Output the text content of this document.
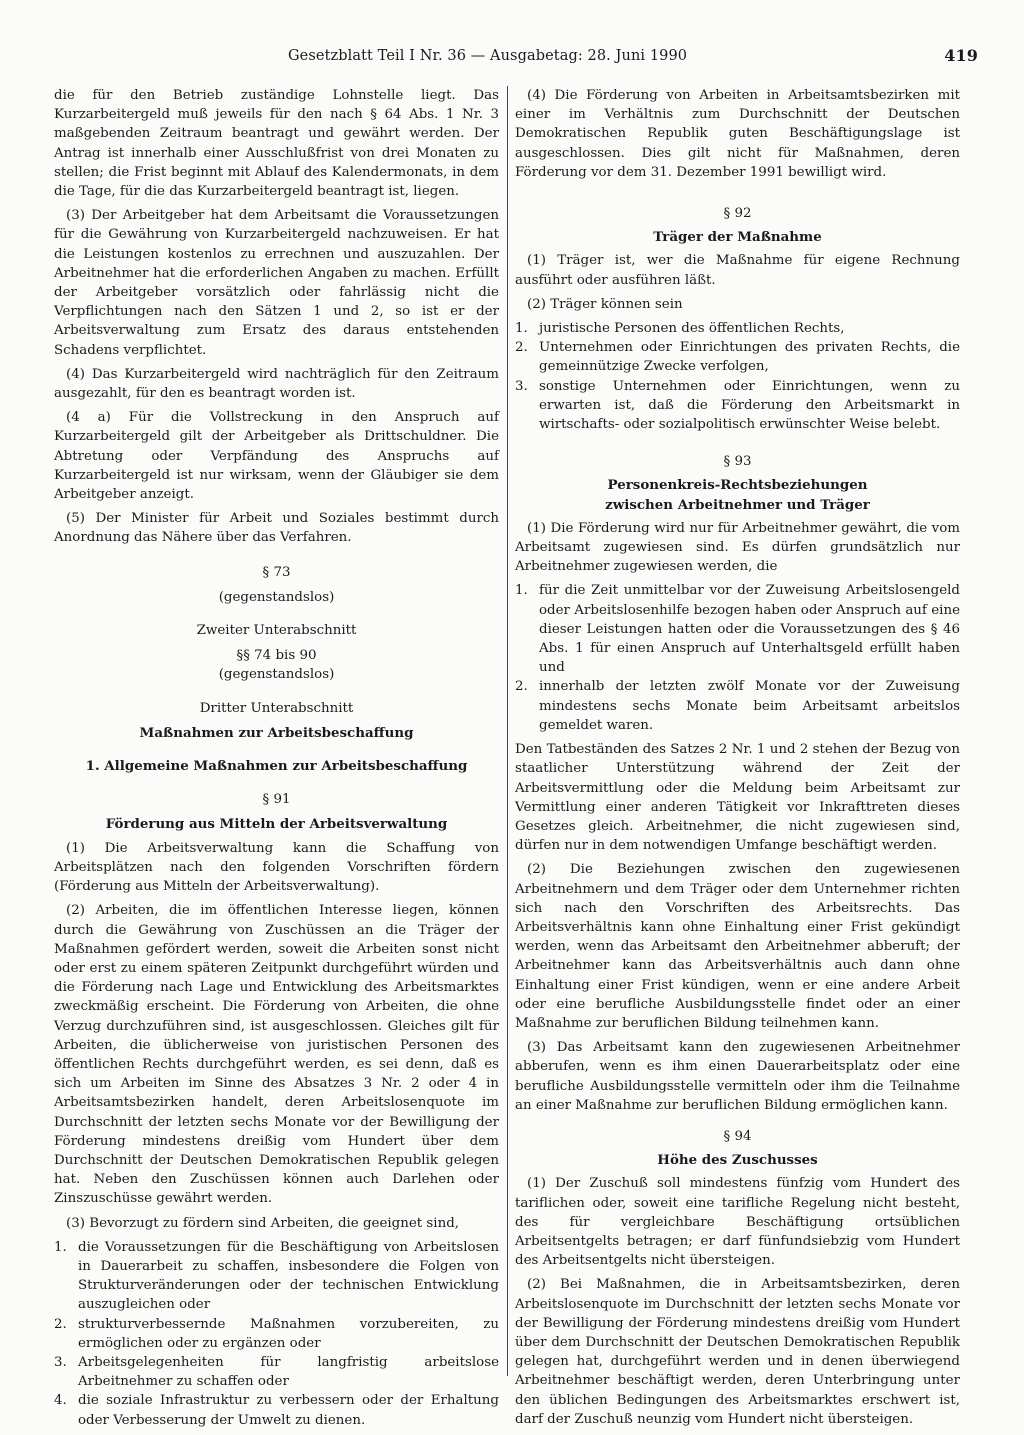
Gesetzblatt Teil I Nr. 36 — Ausgabetag: 28. Juni 1990	419

die für den Betrieb zuständige Lohnstelle liegt. Das Kurzarbeitergeld muß jeweils für den nach § 64 Abs. 1 Nr. 3 maßgebenden Zeitraum beantragt und gewährt werden. Der Antrag ist innerhalb einer Ausschlußfrist von drei Monaten zu stellen; die Frist beginnt mit Ablauf des Kalendermonats, in dem die Tage, für die das Kurzarbeitergeld beantragt ist, liegen.

(3) Der Arbeitgeber hat dem Arbeitsamt die Voraussetzungen für die Gewährung von Kurzarbeitergeld nachzuweisen. Er hat die Leistungen kostenlos zu errechnen und auszuzahlen. Der Arbeitnehmer hat die erforderlichen Angaben zu machen. Erfüllt der Arbeitgeber vorsätzlich oder fahrlässig nicht die Verpflichtungen nach den Sätzen 1 und 2, so ist er der Arbeitsverwaltung zum Ersatz des daraus entstehenden Schadens verpflichtet.

(4) Das Kurzarbeitergeld wird nachträglich für den Zeitraum ausgezahlt, für den es beantragt worden ist.

(4 a) Für die Vollstreckung in den Anspruch auf Kurzarbeitergeld gilt der Arbeitgeber als Drittschuldner. Die Abtretung oder Verpfändung des Anspruchs auf Kurzarbeitergeld ist nur wirksam, wenn der Gläubiger sie dem Arbeitgeber anzeigt.

(5) Der Minister für Arbeit und Soziales bestimmt durch Anordnung das Nähere über das Verfahren.

§ 73
(gegenstandslos)
Zweiter Unterabschnitt
§§ 74 bis 90
(gegenstandslos)
Dritter Unterabschnitt
Maßnahmen zur Arbeitsbeschaffung
1. Allgemeine Maßnahmen zur Arbeitsbeschaffung
§ 91
Förderung aus Mitteln der Arbeitsverwaltung

(1) Die Arbeitsverwaltung kann die Schaffung von Arbeitsplätzen nach den folgenden Vorschriften fördern (Förderung aus Mitteln der Arbeitsverwaltung).

(2) Arbeiten, die im öffentlichen Interesse liegen, können durch die Gewährung von Zuschüssen an die Träger der Maßnahmen gefördert werden, soweit die Arbeiten sonst nicht oder erst zu einem späteren Zeitpunkt durchgeführt würden und die Förderung nach Lage und Entwicklung des Arbeitsmarktes zweckmäßig erscheint. Die Förderung von Arbeiten, die ohne Verzug durchzuführen sind, ist ausgeschlossen. Gleiches gilt für Arbeiten, die üblicherweise von juristischen Personen des öffentlichen Rechts durchgeführt werden, es sei denn, daß es sich um Arbeiten im Sinne des Absatzes 3 Nr. 2 oder 4 in Arbeitsamtsbezirken handelt, deren Arbeitslosenquote im Durchschnitt der letzten sechs Monate vor der Bewilligung der Förderung mindestens dreißig vom Hundert über dem Durchschnitt der Deutschen Demokratischen Republik gelegen hat. Neben den Zuschüssen können auch Darlehen oder Zinszuschüsse gewährt werden.

(3) Bevorzugt zu fördern sind Arbeiten, die geeignet sind,

1. die Voraussetzungen für die Beschäftigung von Arbeitslosen in Dauerarbeit zu schaffen, insbesondere die Folgen von Strukturveränderungen oder der technischen Entwicklung auszugleichen oder
2. strukturverbessernde Maßnahmen vorzubereiten, zu ermöglichen oder zu ergänzen oder
3. Arbeitsgelegenheiten für langfristig arbeitslose Arbeitnehmer zu schaffen oder
4. die soziale Infrastruktur zu verbessern oder der Erhaltung oder Verbesserung der Umwelt zu dienen.

(4) Die Förderung von Arbeiten in Arbeitsamtsbezirken mit einer im Verhältnis zum Durchschnitt der Deutschen Demokratischen Republik guten Beschäftigungslage ist ausgeschlossen. Dies gilt nicht für Maßnahmen, deren Förderung vor dem 31. Dezember 1991 bewilligt wird.

§ 92
Träger der Maßnahme

(1) Träger ist, wer die Maßnahme für eigene Rechnung ausführt oder ausführen läßt.

(2) Träger können sein

1. juristische Personen des öffentlichen Rechts,
2. Unternehmen oder Einrichtungen des privaten Rechts, die gemeinnützige Zwecke verfolgen,
3. sonstige Unternehmen oder Einrichtungen, wenn zu erwarten ist, daß die Förderung den Arbeitsmarkt in wirtschafts- oder sozialpolitisch erwünschter Weise belebt.
§ 93
Personenkreis-Rechtsbeziehungen zwischen Arbeitnehmer und Träger

(1) Die Förderung wird nur für Arbeitnehmer gewährt, die vom Arbeitsamt zugewiesen sind. Es dürfen grundsätzlich nur Arbeitnehmer zugewiesen werden, die

1. für die Zeit unmittelbar vor der Zuweisung Arbeitslosengeld oder Arbeitslosenhilfe bezogen haben oder Anspruch auf eine dieser Leistungen hatten oder die Voraussetzungen des § 46 Abs. 1 für einen Anspruch auf Unterhaltsgeld erfüllt haben und
2. innerhalb der letzten zwölf Monate vor der Zuweisung mindestens sechs Monate beim Arbeitsamt arbeitslos gemeldet waren.

Den Tatbeständen des Satzes 2 Nr. 1 und 2 stehen der Bezug von staatlicher Unterstützung während der Zeit der Arbeitsvermittlung oder die Meldung beim Arbeitsamt zur Vermittlung einer anderen Tätigkeit vor Inkrafttreten dieses Gesetzes gleich. Arbeitnehmer, die nicht zugewiesen sind, dürfen nur in dem notwendigen Umfange beschäftigt werden.

(2) Die Beziehungen zwischen den zugewiesenen Arbeitnehmern und dem Träger oder dem Unternehmer richten sich nach den Vorschriften des Arbeitsrechts. Das Arbeitsverhältnis kann ohne Einhaltung einer Frist gekündigt werden, wenn das Arbeitsamt den Arbeitnehmer abberuft; der Arbeitnehmer kann das Arbeitsverhältnis auch dann ohne Einhaltung einer Frist kündigen, wenn er eine andere Arbeit oder eine berufliche Ausbildungsstelle findet oder an einer Maßnahme zur beruflichen Bildung teilnehmen kann.

(3) Das Arbeitsamt kann den zugewiesenen Arbeitnehmer abberufen, wenn es ihm einen Dauerarbeitsplatz oder eine berufliche Ausbildungsstelle vermitteln oder ihm die Teilnahme an einer Maßnahme zur beruflichen Bildung ermöglichen kann.

§ 94
Höhe des Zuschusses

(1) Der Zuschuß soll mindestens fünfzig vom Hundert des tariflichen oder, soweit eine tarifliche Regelung nicht besteht, des für vergleichbare Beschäftigung ortsüblichen Arbeitsentgelts betragen; er darf fünfundsiebzig vom Hundert des Arbeitsentgelts nicht übersteigen.

(2) Bei Maßnahmen, die in Arbeitsamtsbezirken, deren Arbeitslosenquote im Durchschnitt der letzten sechs Monate vor der Bewilligung der Förderung mindestens dreißig vom Hundert über dem Durchschnitt der Deutschen Demokratischen Republik gelegen hat, durchgeführt werden und in denen überwiegend Arbeitnehmer beschäftigt werden, deren Unterbringung unter den üblichen Bedingungen des Arbeitsmarktes erschwert ist, darf der Zuschuß neunzig vom Hundert nicht übersteigen.
